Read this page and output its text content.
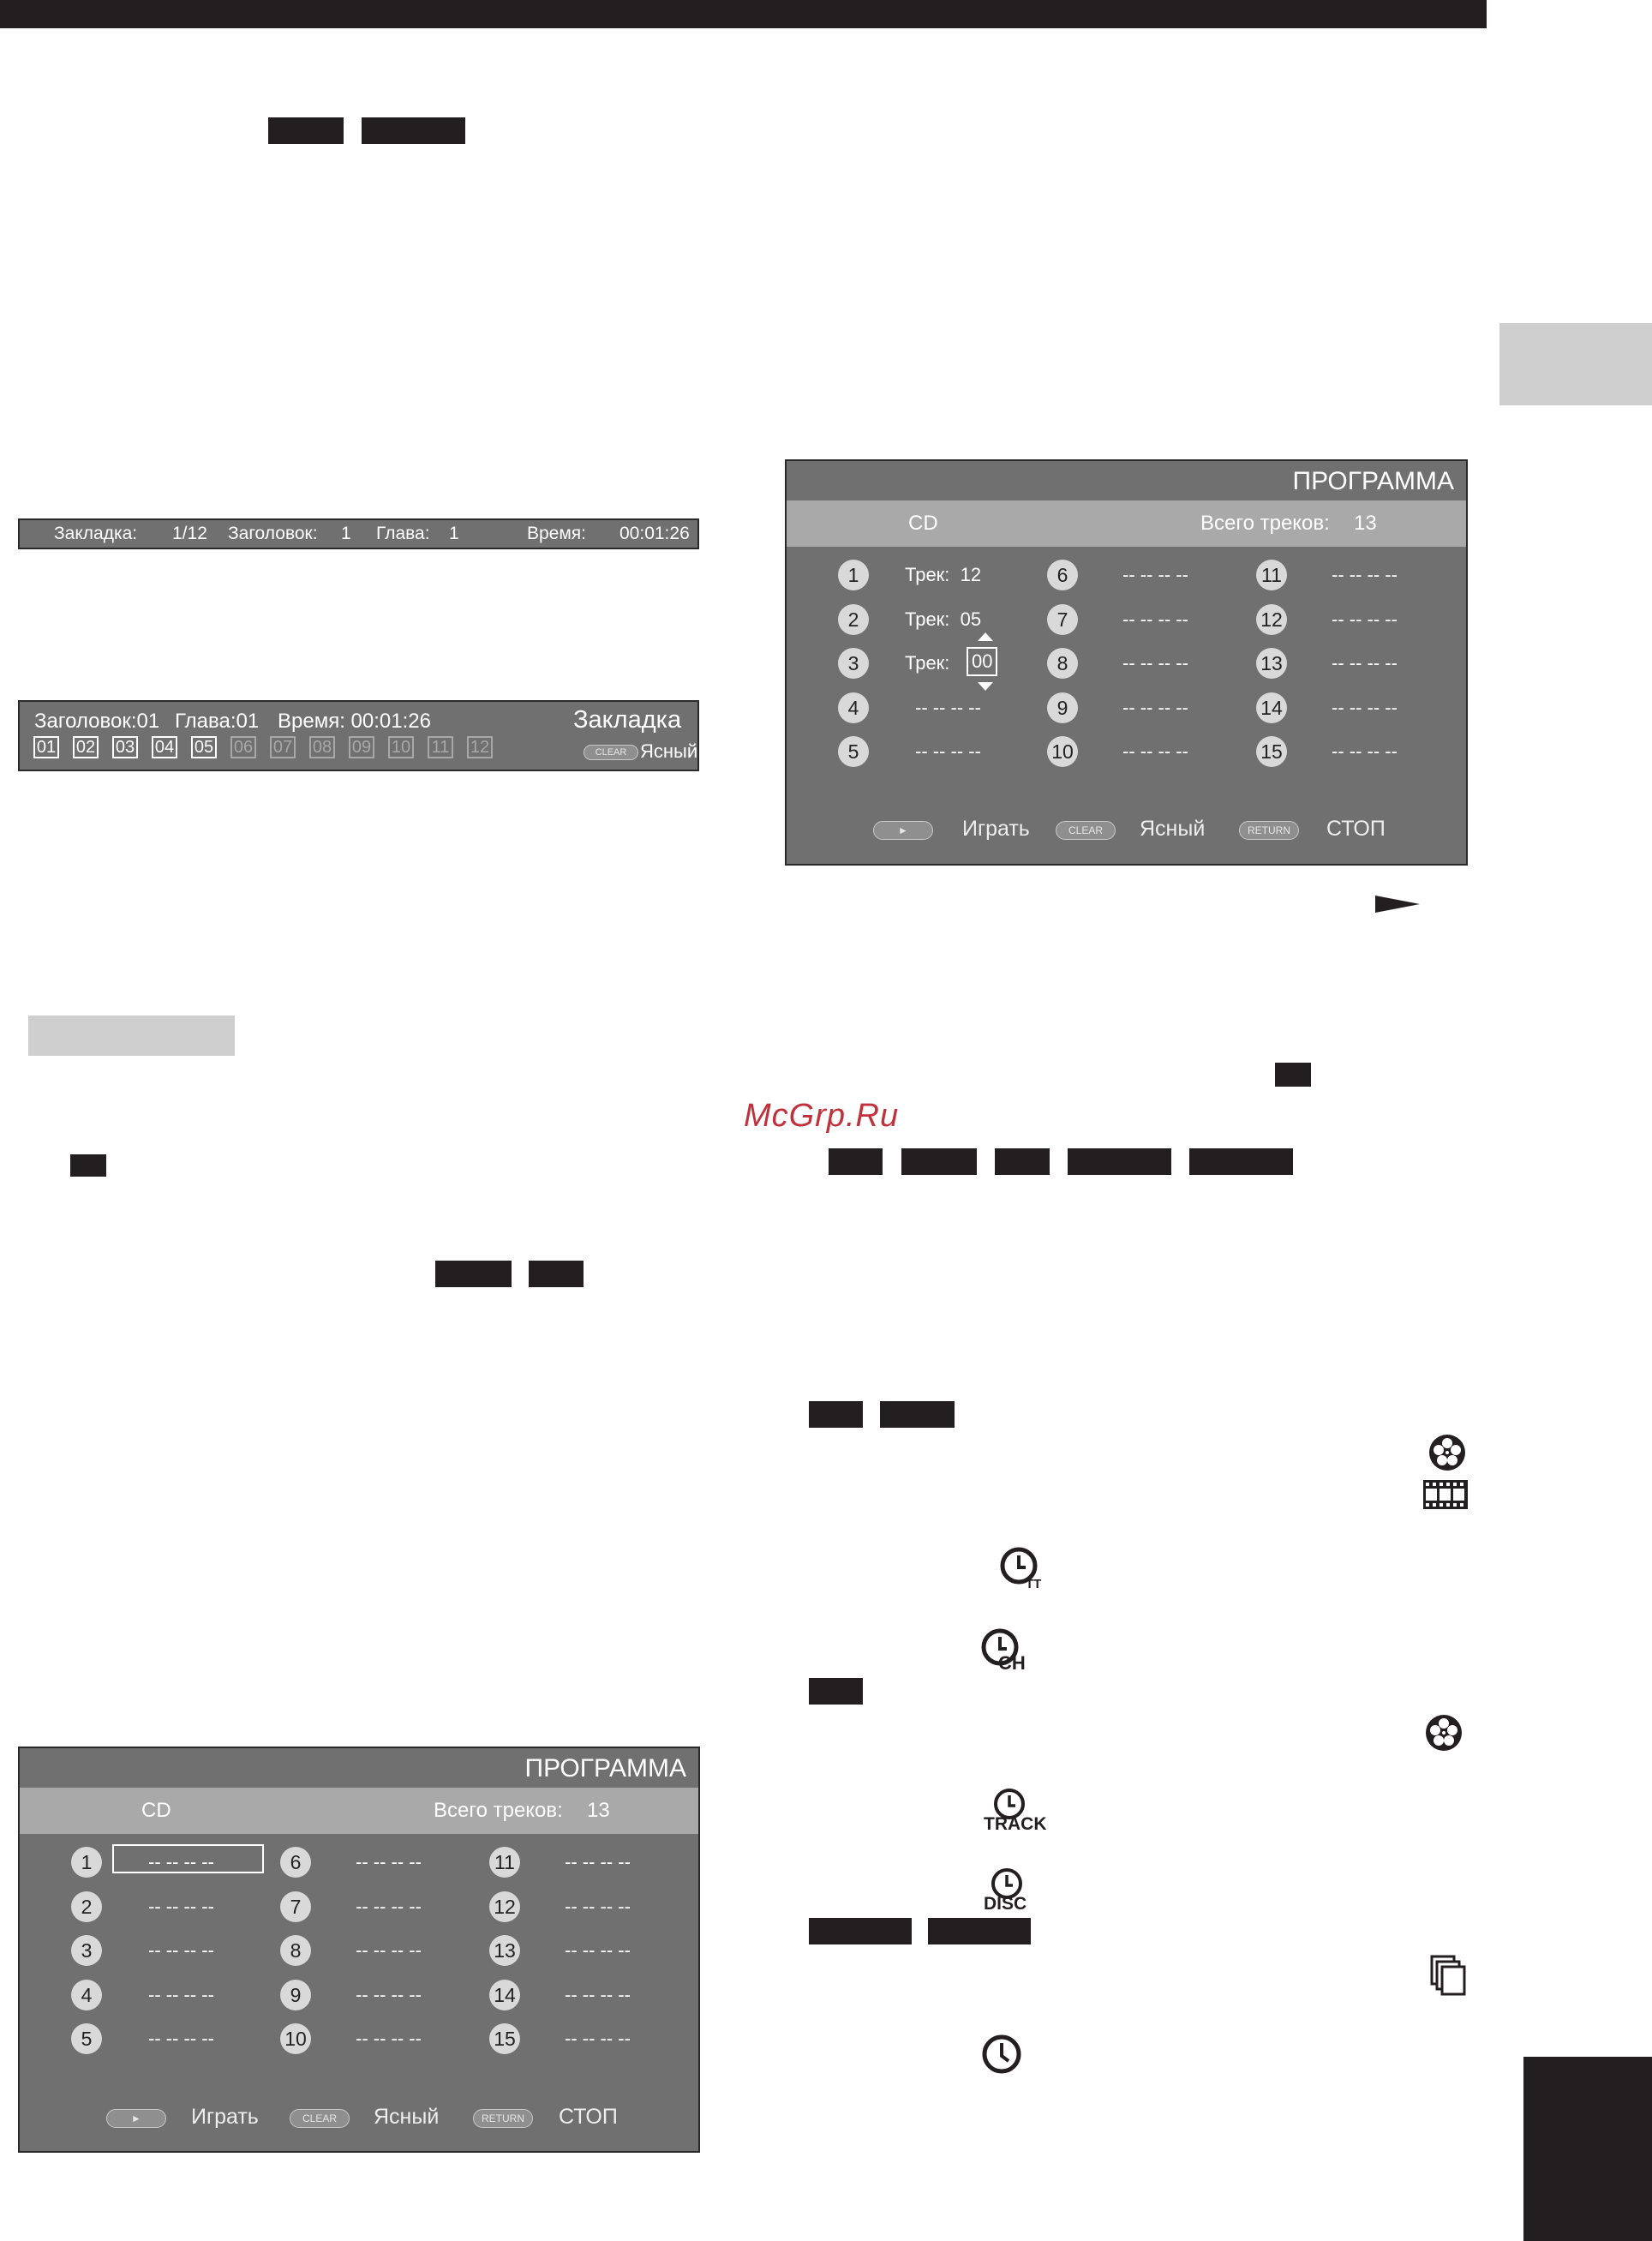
McGrp.Ru
Закладка: 1/12 Заголовок: 1 Глава: 1	Время: 00:01:26
Заголовок:01 Глава:01 Время: 00:01:26	Закладка
01 02 03 04 05 06 07 08 09 10 11 12	CLEAR Ясный
ПРОГРАММА
CD	Всего треков: 13
1	Трек:  12
2	Трек:  05
3	Трек: 00
4	-- -- -- --
5	-- -- -- --
6	-- -- -- --
7	-- -- -- --
8	-- -- -- --
9	-- -- -- --
10	-- -- -- --
11	-- -- -- --
12	-- -- -- --
13	-- -- -- --
14	-- -- -- --
15	-- -- -- --
►	Играть	CLEAR	Ясный	RETURN	СТОП
ПРОГРАММА
CD	Всего треков: 13
1	-- -- -- --
2	-- -- -- --
3	-- -- -- --
4	-- -- -- --
5	-- -- -- --
6	-- -- -- --
7	-- -- -- --
8	-- -- -- --
9	-- -- -- --
10	-- -- -- --
11	-- -- -- --
12	-- -- -- --
13	-- -- -- --
14	-- -- -- --
15	-- -- -- --
►	Играть	CLEAR	Ясный	RETURN	СТОП
TT
CH
TRACK
DISC
